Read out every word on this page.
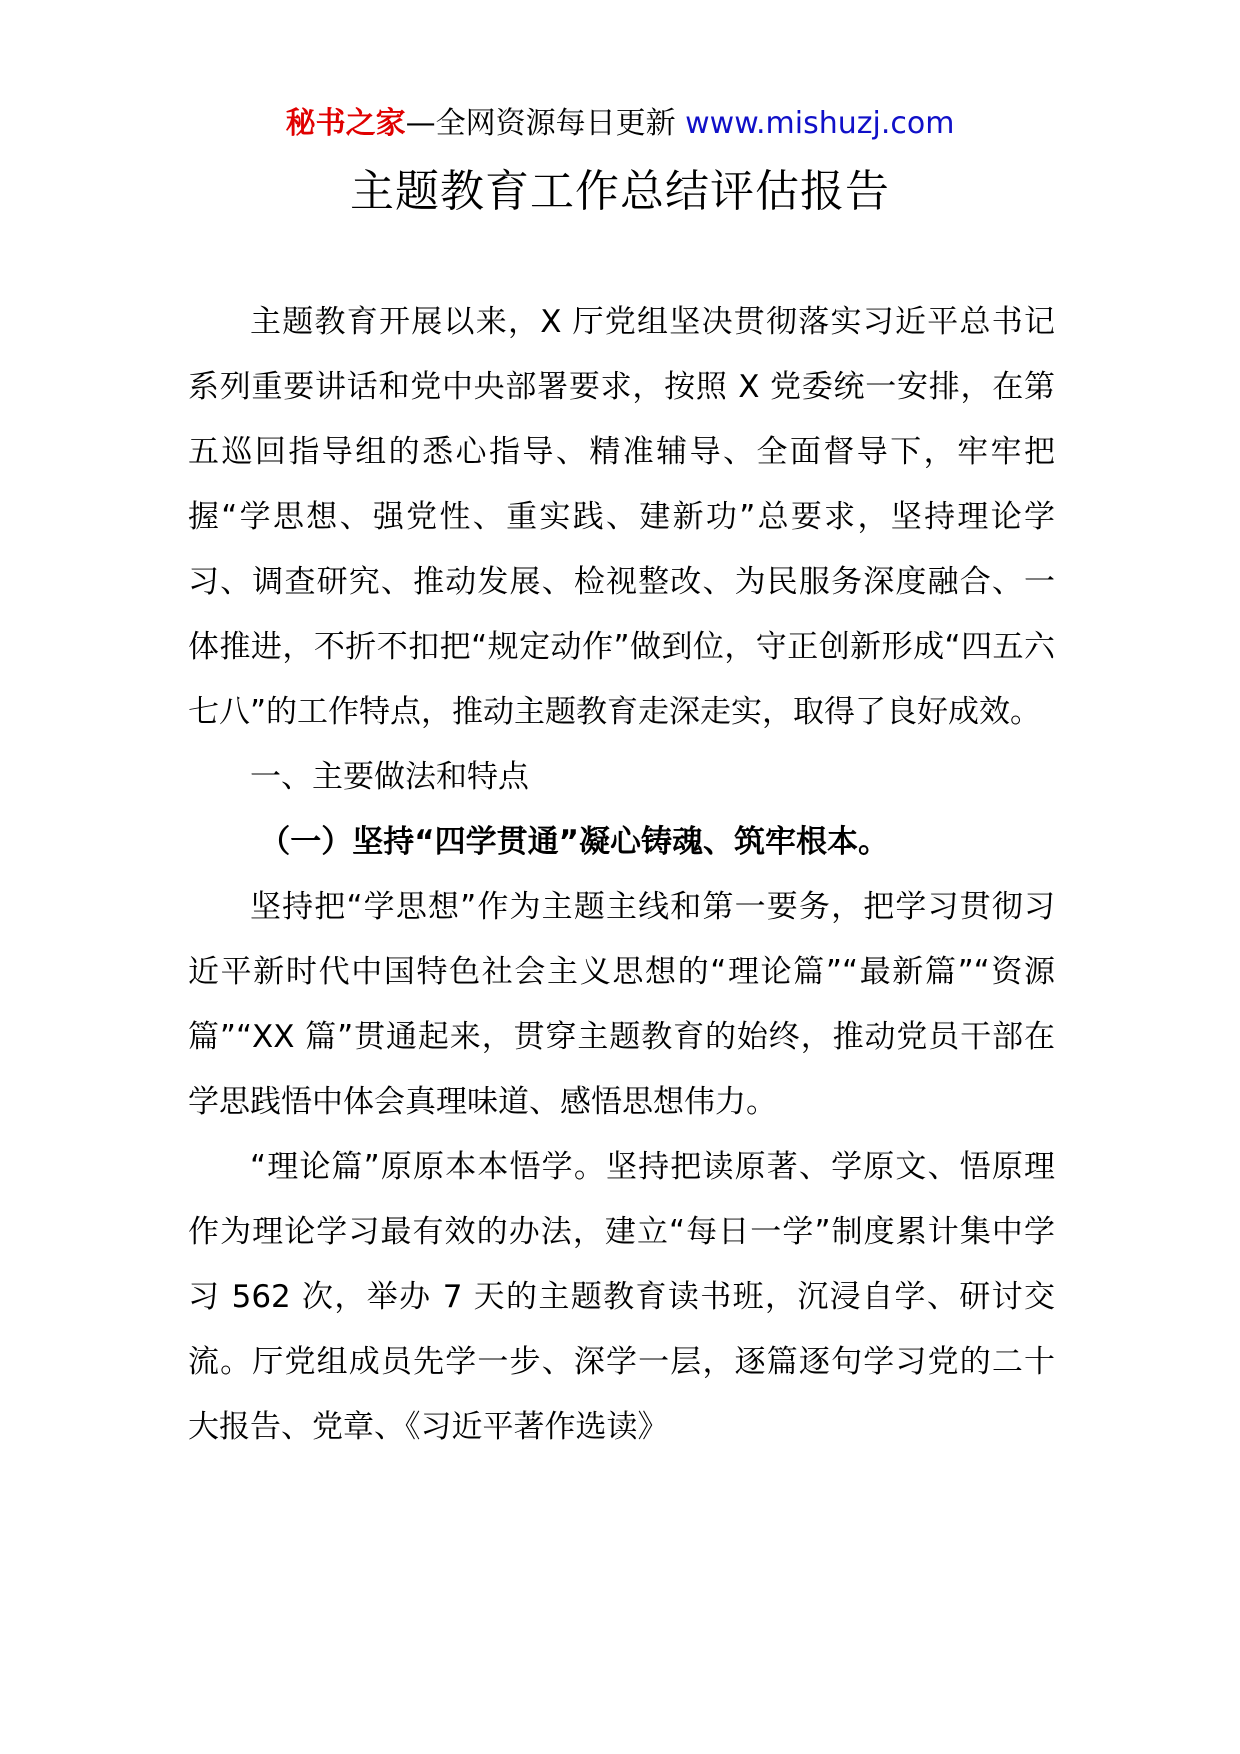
秘书之家—全网资源每日更新 www.mishuzj.com
主题教育工作总结评估报告

主题教育开展以来，X 厅党组坚决贯彻落实习近平总书记系列重要讲话和党中央部署要求，按照 X 党委统一安排，在第五巡回指导组的悉心指导、精准辅导、全面督导下，牢牢把握“学思想、强党性、重实践、建新功”总要求，坚持理论学习、调查研究、推动发展、检视整改、为民服务深度融合、一体推进，不折不扣把“规定动作”做到位，守正创新形成“四五六七八”的工作特点，推动主题教育走深走实，取得了良好成效。

一、主要做法和特点

（一）坚持“四学贯通”凝心铸魂、筑牢根本。

坚持把“学思想”作为主题主线和第一要务，把学习贯彻习近平新时代中国特色社会主义思想的“理论篇”“最新篇”“资源篇”“XX 篇”贯通起来，贯穿主题教育的始终，推动党员干部在学思践悟中体会真理味道、感悟思想伟力。

“理论篇”原原本本悟学。坚持把读原著、学原文、悟原理作为理论学习最有效的办法，建立“每日一学”制度累计集中学习 562 次，举办 7 天的主题教育读书班，沉浸自学、研讨交流。厅党组成员先学一步、深学一层，逐篇逐句学习党的二十大报告、党章、《习近平著作选读》
